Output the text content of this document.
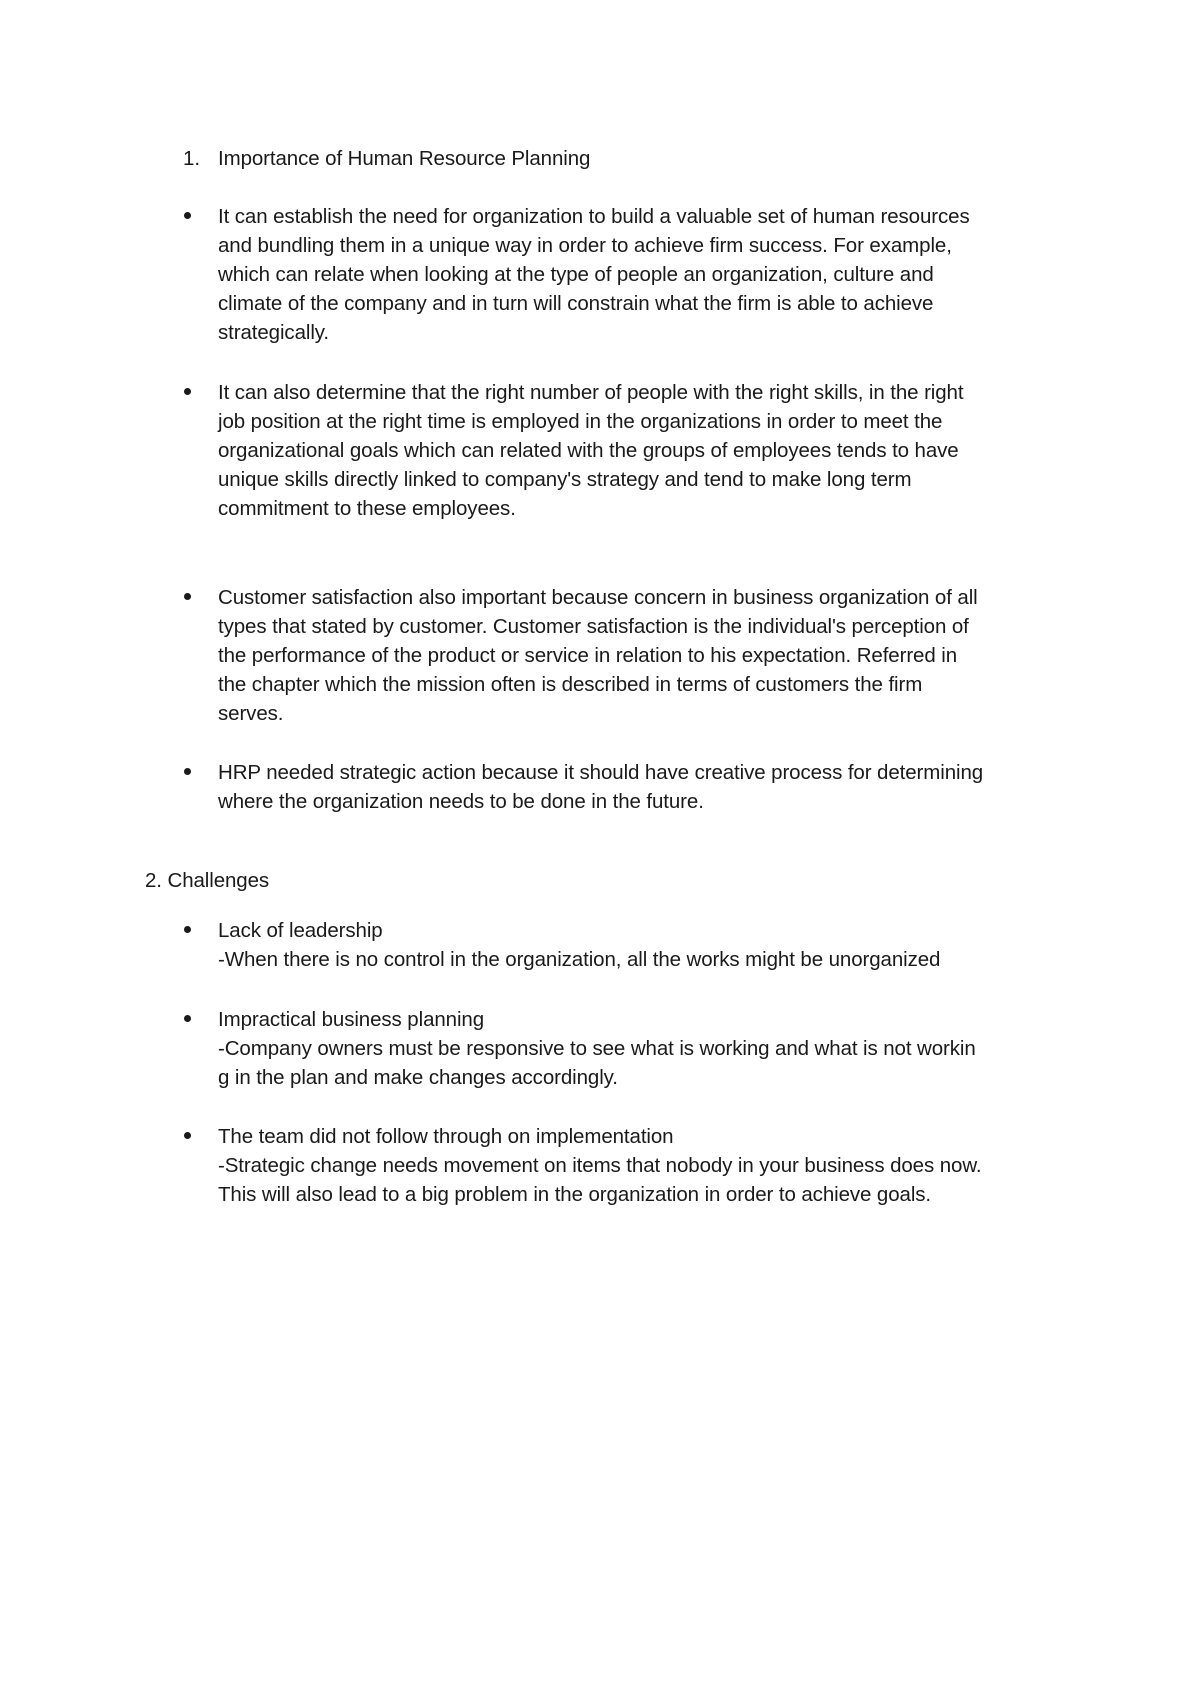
1. Importance of Human Resource Planning
It can establish the need for organization to build a valuable set of human resources
and bundling them in a unique way in order to achieve firm success. For example,
which can relate when looking at the type of people an organization, culture and
climate of the company and in turn will constrain what the firm is able to achieve
strategically.
It can also determine that the right number of people with the right skills, in the right
job position at the right time is employed in the organizations in order to meet the
organizational goals which can related with the groups of employees tends to have
unique skills directly linked to company's strategy and tend to make long term
commitment to these employees.
Customer satisfaction also important because concern in business organization of all
types that stated by customer. Customer satisfaction is the individual's perception of
the performance of the product or service in relation to his expectation. Referred in
the chapter which the mission often is described in terms of customers the firm
serves.
HRP needed strategic action because it should have creative process for determining
where the organization needs to be done in the future.
2. Challenges
Lack of leadership
-When there is no control in the organization, all the works might be unorganized
Impractical business planning
-Company owners must be responsive to see what is working and what is not workin
g in the plan and make changes accordingly.
The team did not follow through on implementation
-Strategic change needs movement on items that nobody in your business does now.
This will also lead to a big problem in the organization in order to achieve goals.
